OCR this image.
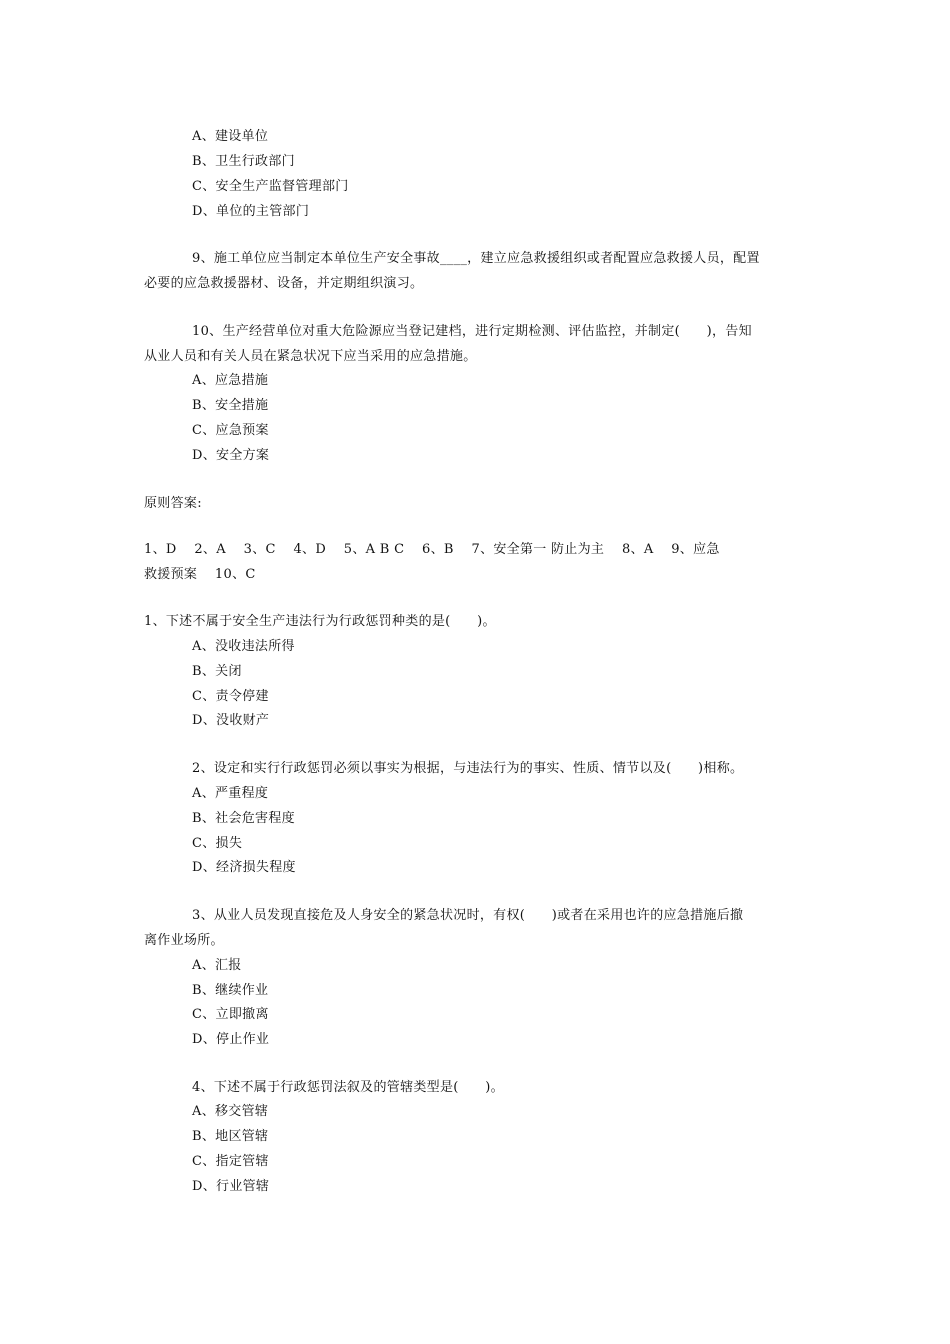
A、建设单位
B、卫生行政部门
C、安全生产监督管理部门
D、单位的主管部门
9、施工单位应当制定本单位生产安全事故____，建立应急救援组织或者配置应急救援人员，配置
必要的应急救援器材、设备，并定期组织演习。
10、生产经营单位对重大危险源应当登记建档，进行定期检测、评估监控，并制定(　　)，告知
从业人员和有关人员在紧急状况下应当采用的应急措施。
A、应急措施
B、安全措施
C、应急预案
D、安全方案
原则答案:
1、D　 2、A　 3、C　 4、D　 5、A B C　 6、B　 7、安全第一 防止为主　 8、A　 9、应急
救援预案　 10、C
1、下述不属于安全生产违法行为行政惩罚种类的是(　　)。
A、没收违法所得
B、关闭
C、责令停建
D、没收财产
2、设定和实行行政惩罚必须以事实为根据，与违法行为的事实、性质、情节以及(　　)相称。
A、严重程度
B、社会危害程度
C、损失
D、经济损失程度
3、从业人员发现直接危及人身安全的紧急状况时，有权(　　)或者在采用也许的应急措施后撤
离作业场所。
A、汇报
B、继续作业
C、立即撤离
D、停止作业
4、下述不属于行政惩罚法叙及的管辖类型是(　　)。
A、移交管辖
B、地区管辖
C、指定管辖
D、行业管辖
